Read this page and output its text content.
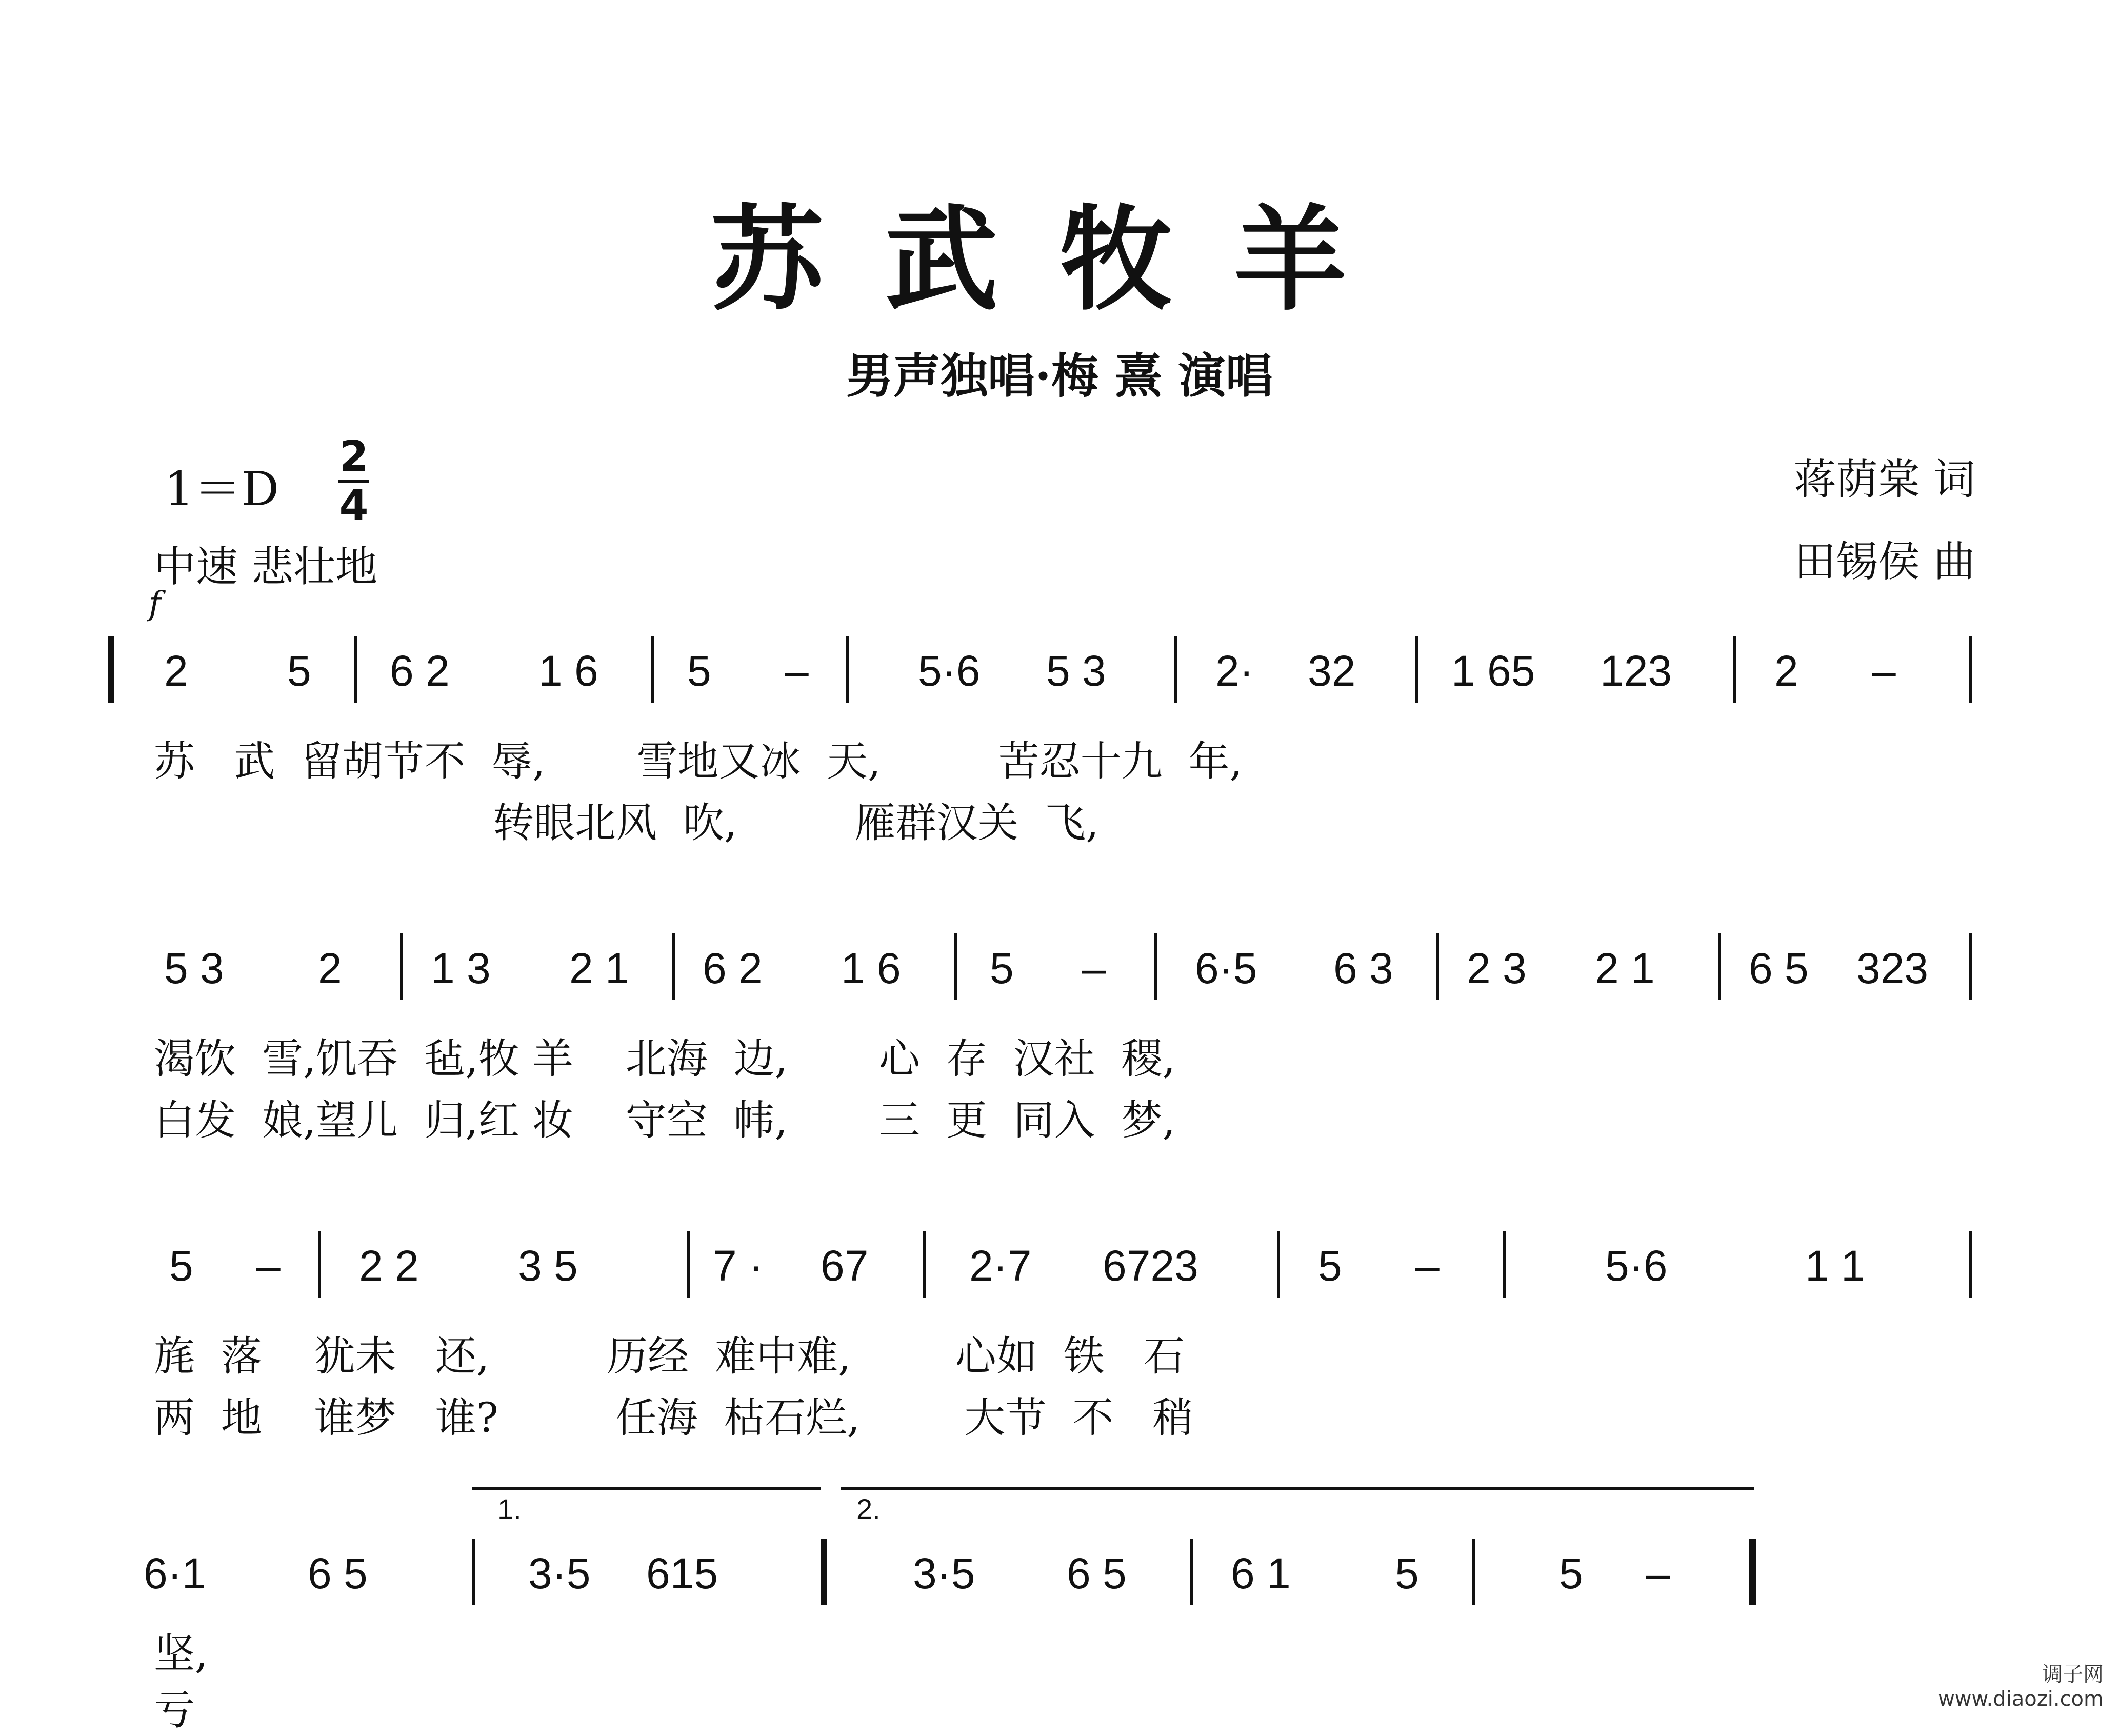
苏武牧羊
男声独唱·梅 熹 演唱
1＝D
2
4
中速 悲壮地
蒋荫棠 词
田锡侯 曲
f
2 5 6 2 1 6 5 –	5·6 5 3	2· 32 1 65 123 2 –
苏   武  留胡节不  辱,       雪地又冰  天,         苦忍十九  年,
转眼北风  吹,         雁群汉关  飞,
5 3 2 1 3 2 1 6 2 1 6 5 – 6·5 6 3 2 3 2 1 6 5 323
渴饮  雪,饥吞  毡,牧 羊    北海  边,       心  存  汉社  稷,
白发  娘,望儿  归,红 妆    守空  帏,       三  更  同入  梦,
5 – 2 2 3 5	7 · 67 2·7 6723	5 –	5·6	1 1
旄  落    犹未   还,         历经  难中难,        心如  铁   石
两  地    谁梦   谁?         任海  枯石烂,        大节  不   稍
1.	2.
6·1 6 5	3·5 615	3·5 6 5 6 1 5	5 –
坚,
亏
调子网
www.diaozi.com
